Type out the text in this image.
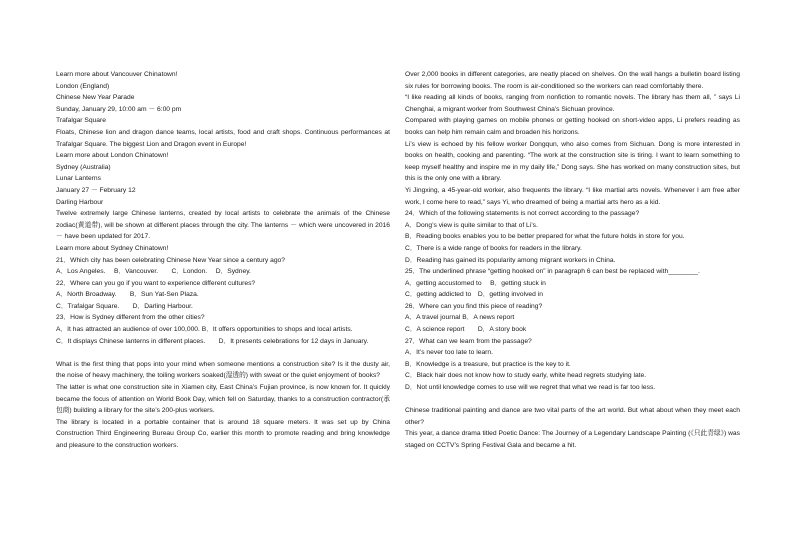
Learn more about Vancouver Chinatown!

London (England)

Chinese New Year Parade

Sunday, January 29, 10:00 am － 6:00 pm

Trafalgar Square

Floats, Chinese lion and dragon dance teams, local artists, food and craft shops. Continuous performances at Trafalgar Square. The biggest Lion and Dragon event in Europe!

Learn more about London Chinatown!

Sydney (Australia)

Lunar Lanterns

January 27 － February 12

Darling Harbour

Twelve extremely large Chinese lanterns, created by local artists to celebrate the animals of the Chinese zodiac(黄道带), will be shown at different places through the city. The lanterns － which were uncovered in 2016 － have been updated for 2017.

Learn more about Sydney Chinatown!

21．Which city has been celebrating Chinese New Year since a century ago?

A．Los Angeles.　 B．Vancouver.　　C．London.　 D．Sydney.

22．Where can you go if you want to experience different cultures?

A．North Broadway.　　B．Sun Yat-Sen Plaza.

C．Trafalgar Square.　　D．Darling Harbour.

23．How is Sydney different from the other cities?

A．It has attracted an audience of over 100,000. B．It offers opportunities to shops and local artists.

C．It displays Chinese lanterns in different places.　　D．It presents celebrations for 12 days in January.

What is the first thing that pops into your mind when someone mentions a construction site? Is it the dusty air, the noise of heavy machinery, the toiling workers soaked(湿透的) with sweat or the quiet enjoyment of books?

The latter is what one construction site in Xiamen city, East China’s Fujian province, is now known for. It quickly became the focus of attention on World Book Day, which fell on Saturday, thanks to a construction contractor(承包商) building a library for the site’s 200-plus workers.

The library is located in a portable container that is around 18 square meters. It was set up by China Construction Third Engineering Bureau Group Co, earlier this month to promote reading and bring knowledge and pleasure to the construction workers.

Over 2,000 books in different categories, are neatly placed on shelves. On the wall hangs a bulletin board listing six rules for borrowing books. The room is air-conditioned so the workers can read comfortably there.

“I like reading all kinds of books, ranging from nonfiction to romantic novels. The library has them all, ” says Li Chenghai, a migrant worker from Southwest China’s Sichuan province.

Compared with playing games on mobile phones or getting hooked on short-video apps, Li prefers reading as books can help him remain calm and broaden his horizons.

Li’s view is echoed by his fellow worker Dongqun, who also comes from Sichuan. Dong is more interested in books on health, cooking and parenting. “The work at the construction site is tiring. I want to learn something to keep myself healthy and inspire me in my daily life,” Dong says. She has worked on many construction sites, but this is the only one with a library.

Yi Jingxing, a 45-year-old worker, also frequents the library. “I like martial arts novels. Whenever I am free after work, I come here to read,” says Yi, who dreamed of being a martial arts hero as a kid.

24．Which of the following statements is not correct according to the passage?

A．Dong’s view is quite similar to that of Li’s.

B．Reading books enables you to be better prepared for what the future holds in store for you.

C．There is a wide range of books for readers in the library.

D．Reading has gained its popularity among migrant workers in China.

25．The underlined phrase “getting hooked on” in paragraph 6 can best be replaced with________.

A．getting accustomed to　 B．getting stuck in

C．getting addicted to　D．getting involved in

26．Where can you find this piece of reading?

A．A travel journal B．A news report

C．A science report　　D．A story book

27．What can we learn from the passage?

A．It’s never too late to learn.

B．Knowledge is a treasure, but practice is the key to it.

C．Black hair does not know how to study early, white head regrets studying late.

D．Not until knowledge comes to use will we regret that what we read is far too less.

Chinese traditional painting and dance are two vital parts of the art world. But what about when they meet each other?

This year, a dance drama titled Poetic Dance: The Journey of a Legendary Landscape Painting (《只此青绿》) was staged on CCTV’s Spring Festival Gala and became a hit.
